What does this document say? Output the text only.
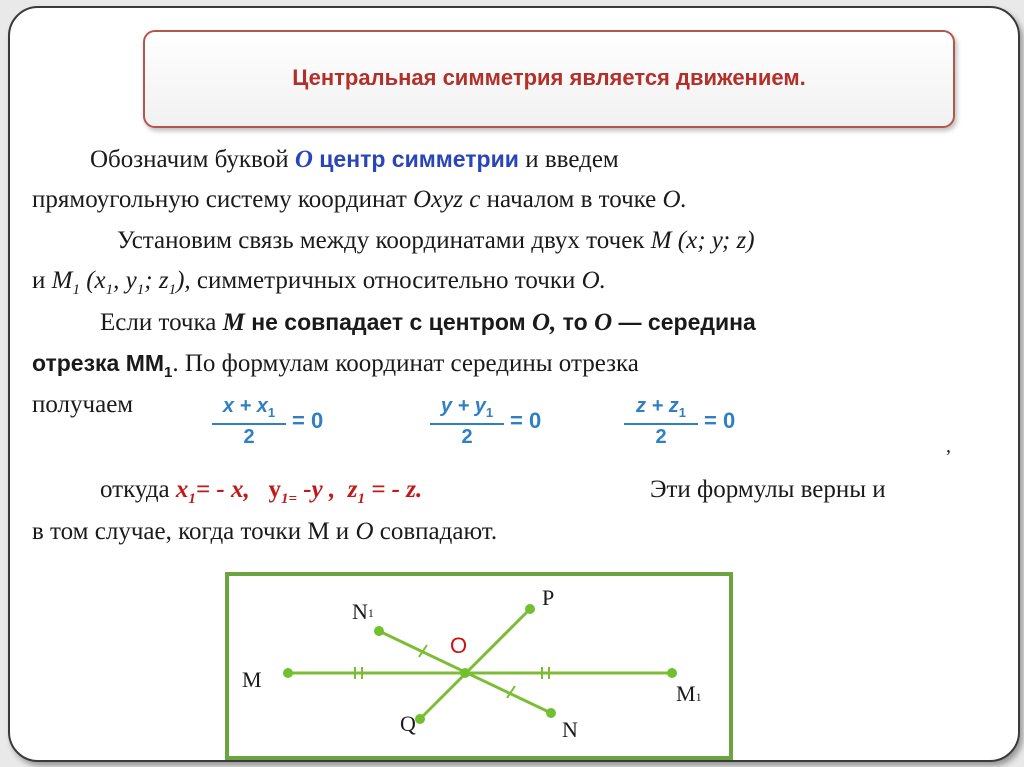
Центральная симметрия является движением.
Обозначим буквой О центр симметрии и введем
прямоугольную систему координат Охуz с началом в точке О.
Установим связь между координатами двух точек М (х; у; z)
и $M_1$ ($x_1$, $y_1$; $z_1$), симметричных относительно точки О.
Если точка М не совпадает с центром О, то О — середина
отрезка $ММ_1$. По формулам координат середины отрезка
получаем	$x + x_1$
2
= 0
$y + y_1$
2
= 0
$z + z_1$
2
= 0
,
откуда $x_1= - x$, $y_{1=}$ -y , $z_1$ = - z.	Эти формулы верны и
в том случае, когда точки М и О совпадают.
M
M1
N1
P
Q	N
O
